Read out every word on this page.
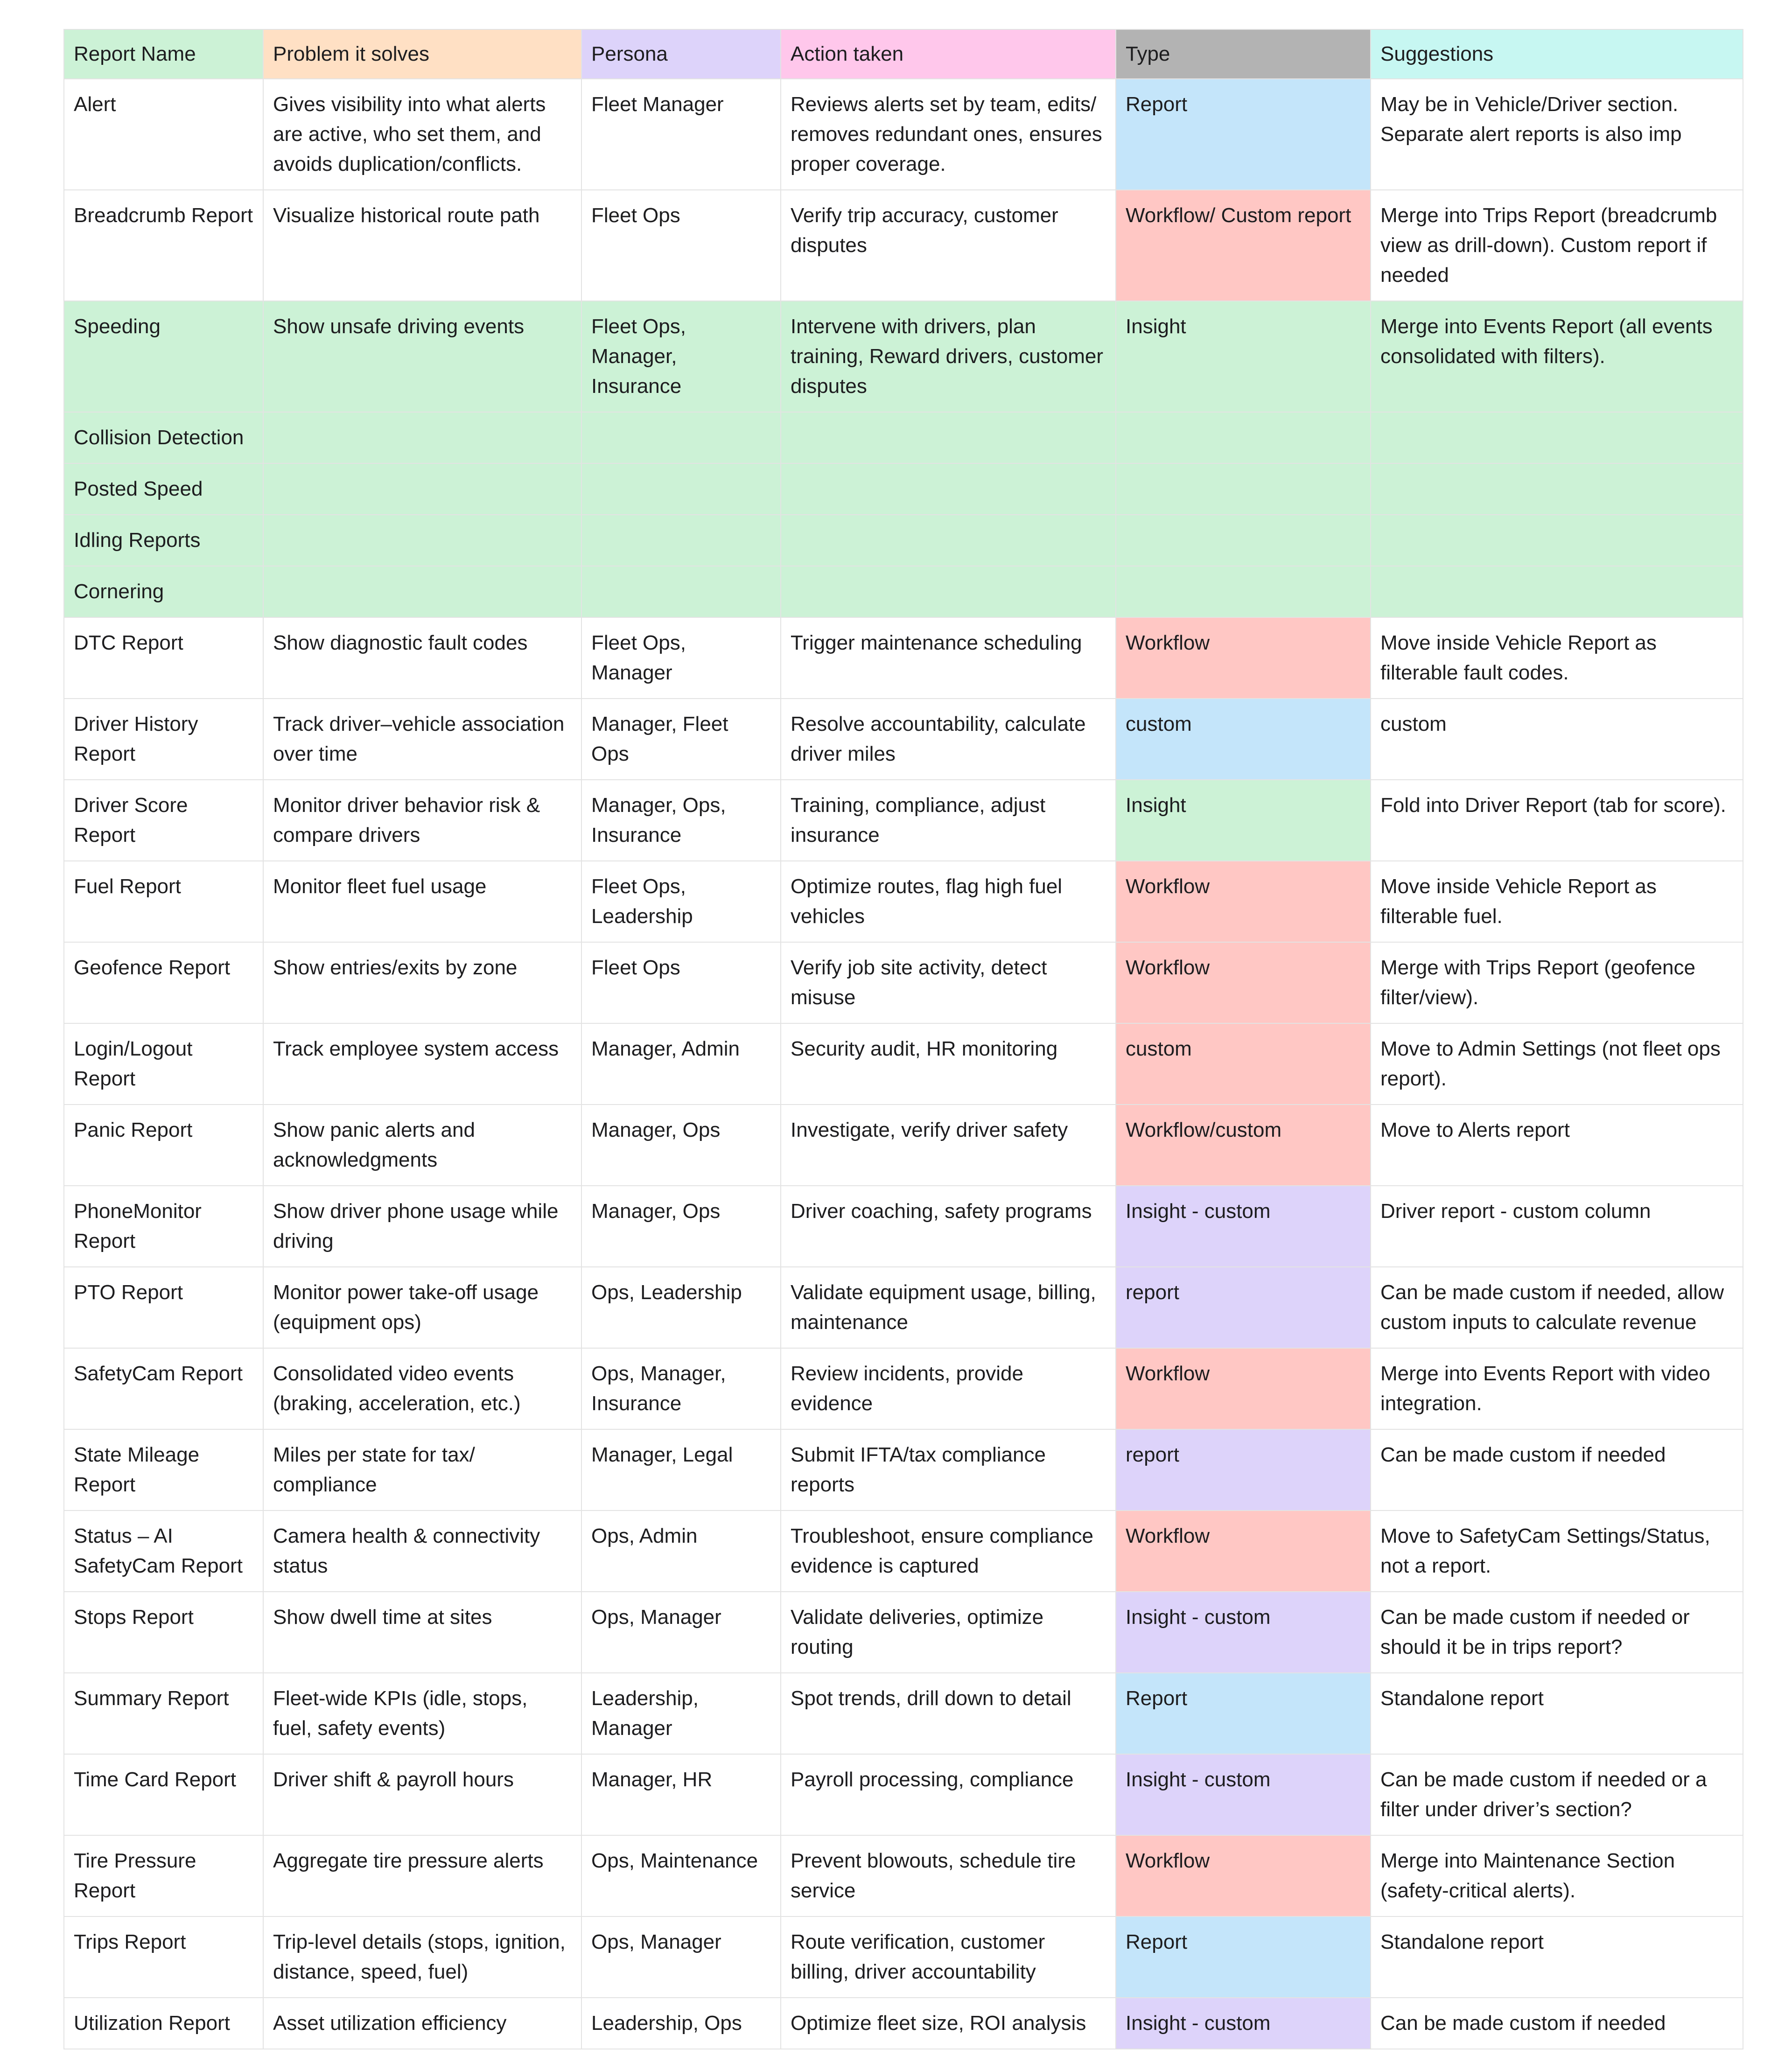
Report Name	Problem it solves	Persona	Action taken	Type	Suggestions
Alert	Gives visibility into what alerts are active, who set them, and avoids duplication/conflicts.	Fleet Manager	Reviews alerts set by team, edits/ removes redundant ones, ensures proper coverage.	Report	May be in Vehicle/Driver section. Separate alert reports is also imp
Breadcrumb Report	Visualize historical route path	Fleet Ops	Verify trip accuracy, customer disputes	Workflow/ Custom report	Merge into Trips Report (breadcrumb view as drill-down). Custom report if needed
Speeding	Show unsafe driving events	Fleet Ops, Manager, Insurance	Intervene with drivers, plan training, Reward drivers, customer disputes	Insight	Merge into Events Report (all events consolidated with filters).
Collision Detection					
Posted Speed					
Idling Reports					
Cornering					
DTC Report	Show diagnostic fault codes	Fleet Ops, Manager	Trigger maintenance scheduling	Workflow	Move inside Vehicle Report as filterable fault codes.
Driver History Report	Track driver–vehicle association over time	Manager, Fleet Ops	Resolve accountability, calculate driver miles	custom	custom
Driver Score Report	Monitor driver behavior risk & compare drivers	Manager, Ops, Insurance	Training, compliance, adjust insurance	Insight	Fold into Driver Report (tab for score).
Fuel Report	Monitor fleet fuel usage	Fleet Ops, Leadership	Optimize routes, flag high fuel vehicles	Workflow	Move inside Vehicle Report as filterable fuel.
Geofence Report	Show entries/exits by zone	Fleet Ops	Verify job site activity, detect misuse	Workflow	Merge with Trips Report (geofence filter/view).
Login/Logout Report	Track employee system access	Manager, Admin	Security audit, HR monitoring	custom	Move to Admin Settings (not fleet ops report).
Panic Report	Show panic alerts and acknowledgments	Manager, Ops	Investigate, verify driver safety	Workflow/custom	Move to Alerts report
PhoneMonitor Report	Show driver phone usage while driving	Manager, Ops	Driver coaching, safety programs	Insight - custom	Driver report - custom column
PTO Report	Monitor power take-off usage (equipment ops)	Ops, Leadership	Validate equipment usage, billing, maintenance	report	Can be made custom if needed, allow custom inputs to calculate revenue
SafetyCam Report	Consolidated video events (braking, acceleration, etc.)	Ops, Manager, Insurance	Review incidents, provide evidence	Workflow	Merge into Events Report with video integration.
State Mileage Report	Miles per state for tax/ compliance	Manager, Legal	Submit IFTA/tax compliance reports	report	Can be made custom if needed
Status – AI SafetyCam Report	Camera health & connectivity status	Ops, Admin	Troubleshoot, ensure compliance evidence is captured	Workflow	Move to SafetyCam Settings/Status, not a report.
Stops Report	Show dwell time at sites	Ops, Manager	Validate deliveries, optimize routing	Insight - custom	Can be made custom if needed or should it be in trips report?
Summary Report	Fleet-wide KPIs (idle, stops, fuel, safety events)	Leadership, Manager	Spot trends, drill down to detail	Report	Standalone report
Time Card Report	Driver shift & payroll hours	Manager, HR	Payroll processing, compliance	Insight - custom	Can be made custom if needed or a filter under driver’s section?
Tire Pressure Report	Aggregate tire pressure alerts	Ops, Maintenance	Prevent blowouts, schedule tire service	Workflow	Merge into Maintenance Section (safety-critical alerts).
Trips Report	Trip-level details (stops, ignition, distance, speed, fuel)	Ops, Manager	Route verification, customer billing, driver accountability	Report	Standalone report
Utilization Report	Asset utilization efficiency	Leadership, Ops	Optimize fleet size, ROI analysis	Insight - custom	Can be made custom if needed
